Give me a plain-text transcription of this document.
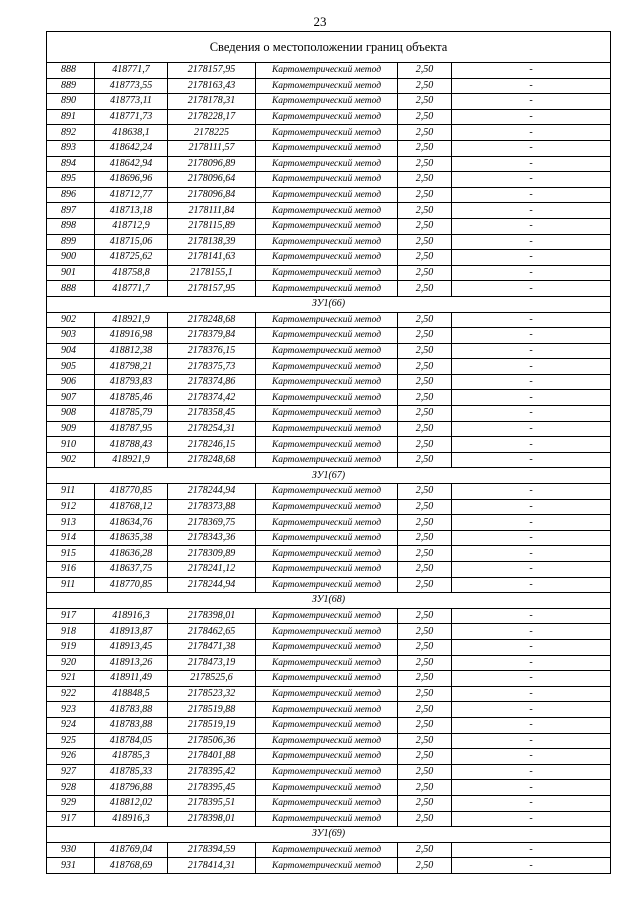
23
Сведения о местоположении границ объекта					
888	418771,7	2178157,95	Картометрический метод	2,50	-
889	418773,55	2178163,43	Картометрический метод	2,50	-
890	418773,11	2178178,31	Картометрический метод	2,50	-
891	418771,73	2178228,17	Картометрический метод	2,50	-
892	418638,1	2178225	Картометрический метод	2,50	-
893	418642,24	2178111,57	Картометрический метод	2,50	-
894	418642,94	2178096,89	Картометрический метод	2,50	-
895	418696,96	2178096,64	Картометрический метод	2,50	-
896	418712,77	2178096,84	Картометрический метод	2,50	-
897	418713,18	2178111,84	Картометрический метод	2,50	-
898	418712,9	2178115,89	Картометрический метод	2,50	-
899	418715,06	2178138,39	Картометрический метод	2,50	-
900	418725,62	2178141,63	Картометрический метод	2,50	-
901	418758,8	2178155,1	Картометрический метод	2,50	-
888	418771,7	2178157,95	Картометрический метод	2,50	-
ЗУ1(66)					
902	418921,9	2178248,68	Картометрический метод	2,50	-
903	418916,98	2178379,84	Картометрический метод	2,50	-
904	418812,38	2178376,15	Картометрический метод	2,50	-
905	418798,21	2178375,73	Картометрический метод	2,50	-
906	418793,83	2178374,86	Картометрический метод	2,50	-
907	418785,46	2178374,42	Картометрический метод	2,50	-
908	418785,79	2178358,45	Картометрический метод	2,50	-
909	418787,95	2178254,31	Картометрический метод	2,50	-
910	418788,43	2178246,15	Картометрический метод	2,50	-
902	418921,9	2178248,68	Картометрический метод	2,50	-
ЗУ1(67)					
911	418770,85	2178244,94	Картометрический метод	2,50	-
912	418768,12	2178373,88	Картометрический метод	2,50	-
913	418634,76	2178369,75	Картометрический метод	2,50	-
914	418635,38	2178343,36	Картометрический метод	2,50	-
915	418636,28	2178309,89	Картометрический метод	2,50	-
916	418637,75	2178241,12	Картометрический метод	2,50	-
911	418770,85	2178244,94	Картометрический метод	2,50	-
ЗУ1(68)					
917	418916,3	2178398,01	Картометрический метод	2,50	-
918	418913,87	2178462,65	Картометрический метод	2,50	-
919	418913,45	2178471,38	Картометрический метод	2,50	-
920	418913,26	2178473,19	Картометрический метод	2,50	-
921	418911,49	2178525,6	Картометрический метод	2,50	-
922	418848,5	2178523,32	Картометрический метод	2,50	-
923	418783,88	2178519,88	Картометрический метод	2,50	-
924	418783,88	2178519,19	Картометрический метод	2,50	-
925	418784,05	2178506,36	Картометрический метод	2,50	-
926	418785,3	2178401,88	Картометрический метод	2,50	-
927	418785,33	2178395,42	Картометрический метод	2,50	-
928	418796,88	2178395,45	Картометрический метод	2,50	-
929	418812,02	2178395,51	Картометрический метод	2,50	-
917	418916,3	2178398,01	Картометрический метод	2,50	-
ЗУ1(69)					
930	418769,04	2178394,59	Картометрический метод	2,50	-
931	418768,69	2178414,31	Картометрический метод	2,50	-
